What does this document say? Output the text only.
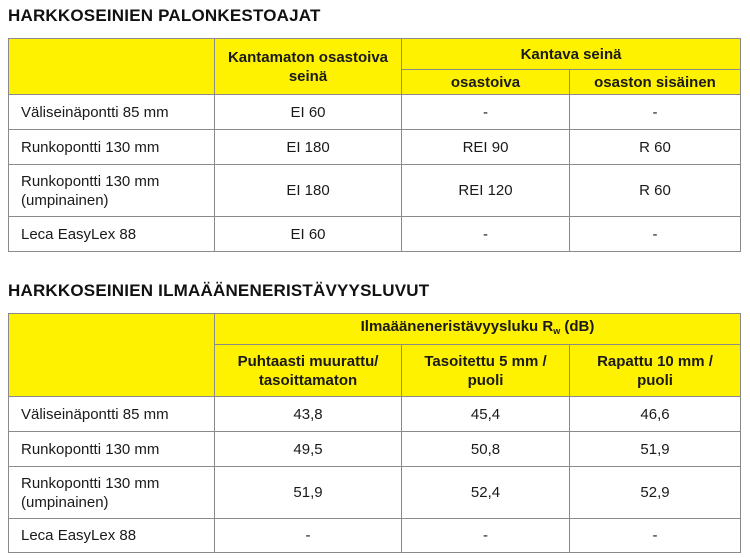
HARKKOSEINIEN PALONKESTOAJAT
	Kantamaton osastoiva seinä	Kantava seinä	
		osastoiva	osaston sisäinen
Väliseinäpontti 85 mm	EI 60	-	-
Runkopontti 130 mm	EI 180	REI 90	R 60
Runkopontti 130 mm (umpinainen)	EI 180	REI 120	R 60
Leca EasyLex 88	EI 60	-	-
HARKKOSEINIEN ILMAÄÄNENERISTÄVYYSLUVUT
	Ilmaääneneristävyysluku $R_w$ (dB)		
	Puhtaasti muurattu/ tasoittamaton	Tasoitettu 5 mm / puoli	Rapattu 10 mm / puoli
Väliseinäpontti 85 mm	43,8	45,4	46,6
Runkopontti 130 mm	49,5	50,8	51,9
Runkopontti 130 mm (umpinainen)	51,9	52,4	52,9
Leca EasyLex 88	-	-	-
